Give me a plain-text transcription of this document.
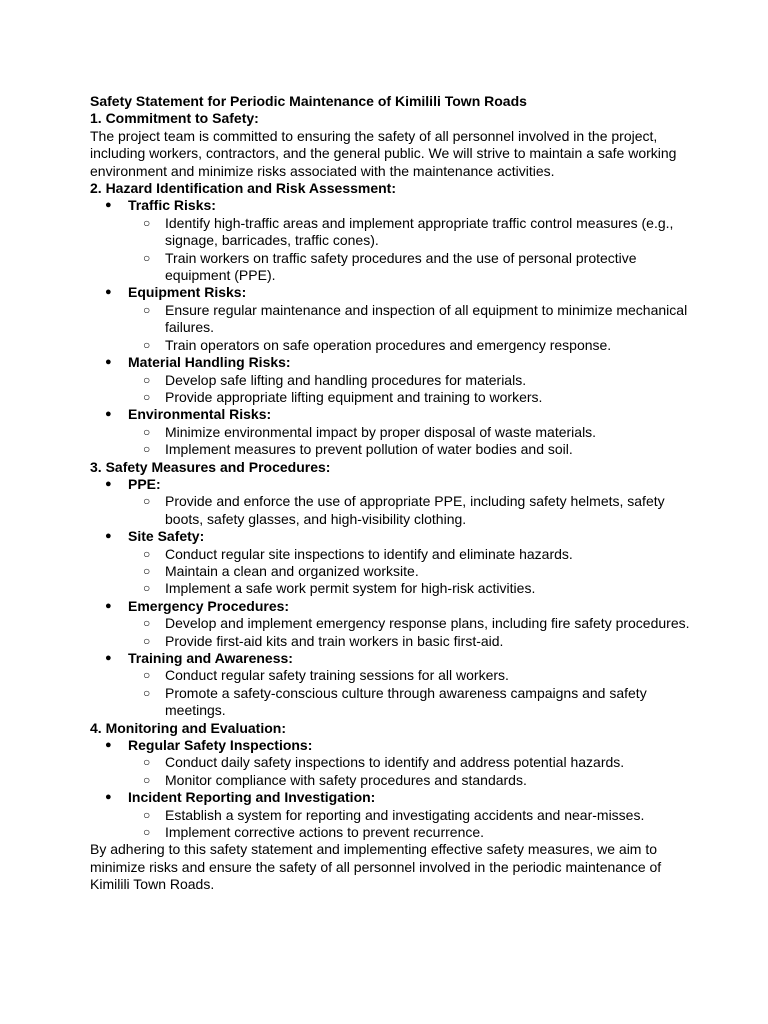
Safety Statement for Periodic Maintenance of Kimilili Town Roads

1. Commitment to Safety:

The project team is committed to ensuring the safety of all personnel involved in the project, including workers, contractors, and the general public. We will strive to maintain a safe working environment and minimize risks associated with the maintenance activities.

2. Hazard Identification and Risk Assessment:

● Traffic Risks:
○ Identify high-traffic areas and implement appropriate traffic control measures (e.g., signage, barricades, traffic cones).
○ Train workers on traffic safety procedures and the use of personal protective equipment (PPE).
● Equipment Risks:
○ Ensure regular maintenance and inspection of all equipment to minimize mechanical failures.
○ Train operators on safe operation procedures and emergency response.
● Material Handling Risks:
○ Develop safe lifting and handling procedures for materials.
○ Provide appropriate lifting equipment and training to workers.
● Environmental Risks:
○ Minimize environmental impact by proper disposal of waste materials.
○ Implement measures to prevent pollution of water bodies and soil.

3. Safety Measures and Procedures:

● PPE:
○ Provide and enforce the use of appropriate PPE, including safety helmets, safety boots, safety glasses, and high-visibility clothing.
● Site Safety:
○ Conduct regular site inspections to identify and eliminate hazards.
○ Maintain a clean and organized worksite.
○ Implement a safe work permit system for high-risk activities.
● Emergency Procedures:
○ Develop and implement emergency response plans, including fire safety procedures.
○ Provide first-aid kits and train workers in basic first-aid.
● Training and Awareness:
○ Conduct regular safety training sessions for all workers.
○ Promote a safety-conscious culture through awareness campaigns and safety meetings.

4. Monitoring and Evaluation:

● Regular Safety Inspections:
○ Conduct daily safety inspections to identify and address potential hazards.
○ Monitor compliance with safety procedures and standards.
● Incident Reporting and Investigation:
○ Establish a system for reporting and investigating accidents and near-misses.
○ Implement corrective actions to prevent recurrence.

By adhering to this safety statement and implementing effective safety measures, we aim to minimize risks and ensure the safety of all personnel involved in the periodic maintenance of Kimilili Town Roads.
